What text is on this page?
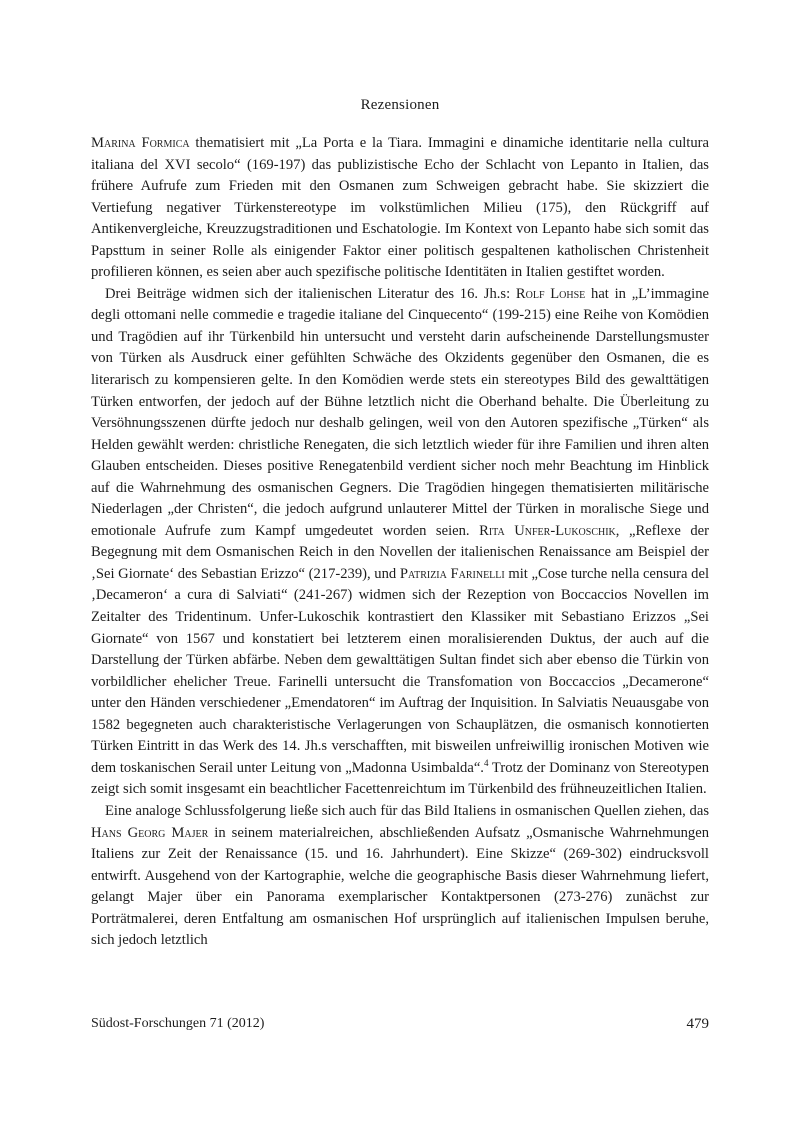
Rezensionen

Marina Formica thematisiert mit „La Porta e la Tiara. Immagini e dinamiche identitarie nella cultura italiana del XVI secolo“ (169-197) das publizistische Echo der Schlacht von Lepanto in Italien, das frühere Aufrufe zum Frieden mit den Osmanen zum Schweigen gebracht habe. Sie skizziert die Vertiefung negativer Türkenstereotype im volkstümlichen Milieu (175), den Rückgriff auf Antikenvergleiche, Kreuzzugstraditionen und Eschatologie. Im Kontext von Lepanto habe sich somit das Papsttum in seiner Rolle als einigender Faktor einer politisch gespaltenen katholischen Christenheit profilieren können, es seien aber auch spezifische politische Identitäten in Italien gestiftet worden.

Drei Beiträge widmen sich der italienischen Literatur des 16. Jh.s: Rolf Lohse hat in „L’immagine degli ottomani nelle commedie e tragedie italiane del Cinquecento“ (199-215) eine Reihe von Komödien und Tragödien auf ihr Türkenbild hin untersucht und versteht darin aufscheinende Darstellungsmuster von Türken als Ausdruck einer gefühlten Schwäche des Okzidents gegenüber den Osmanen, die es literarisch zu kompensieren gelte. In den Komödien werde stets ein stereotypes Bild des gewalttätigen Türken entworfen, der jedoch auf der Bühne letztlich nicht die Oberhand behalte. Die Überleitung zu Versöhnungsszenen dürfte jedoch nur deshalb gelingen, weil von den Autoren spezifische „Türken“ als Helden gewählt werden: christliche Renegaten, die sich letztlich wieder für ihre Familien und ihren alten Glauben entscheiden. Dieses positive Renegatenbild verdient sicher noch mehr Beachtung im Hinblick auf die Wahrnehmung des osmanischen Gegners. Die Tragödien hingegen thematisierten militärische Niederlagen „der Christen“, die jedoch aufgrund unlauterer Mittel der Türken in moralische Siege und emotionale Aufrufe zum Kampf umgedeutet worden seien. Rita Unfer-Lukoschik, „Reflexe der Begegnung mit dem Osmanischen Reich in den Novellen der italienischen Renaissance am Beispiel der ‚Sei Giornate‘ des Sebastian Erizzo“ (217-239), und Patrizia Farinelli mit „Cose turche nella censura del ‚Decameron‘ a cura di Salviati“ (241-267) widmen sich der Rezeption von Boccaccios Novellen im Zeitalter des Tridentinum. Unfer-Lukoschik kontrastiert den Klassiker mit Sebastiano Erizzos „Sei Giornate“ von 1567 und konstatiert bei letzterem einen moralisierenden Duktus, der auch auf die Darstellung der Türken abfärbe. Neben dem gewalttätigen Sultan findet sich aber ebenso die Türkin von vorbildlicher ehelicher Treue. Farinelli untersucht die Transfomation von Boccaccios „Decamerone“ unter den Händen verschiedener „Emendatoren“ im Auftrag der Inquisition. In Salviatis Neuausgabe von 1582 begegneten auch charakteristische Verlagerungen von Schauplätzen, die osmanisch konnotierten Türken Eintritt in das Werk des 14. Jh.s verschafften, mit bisweilen unfreiwillig ironischen Motiven wie dem toskanischen Serail unter Leitung von „Madonna Usimbalda“.$^4$ Trotz der Dominanz von Stereotypen zeigt sich somit insgesamt ein beachtlicher Facettenreichtum im Türkenbild des frühneuzeitlichen Italien.

Eine analoge Schlussfolgerung ließe sich auch für das Bild Italiens in osmanischen Quellen ziehen, das Hans Georg Majer in seinem materialreichen, abschließenden Aufsatz „Osmanische Wahrnehmungen Italiens zur Zeit der Renaissance (15. und 16. Jahrhundert). Eine Skizze“ (269-302) eindrucksvoll entwirft. Ausgehend von der Kartographie, welche die geographische Basis dieser Wahrnehmung liefert, gelangt Majer über ein Panorama exemplarischer Kontaktpersonen (273-276) zunächst zur Porträtmalerei, deren Entfaltung am osmanischen Hof ursprünglich auf italienischen Impulsen beruhe, sich jedoch letztlich

Südost-Forschungen 71 (2012)	479
